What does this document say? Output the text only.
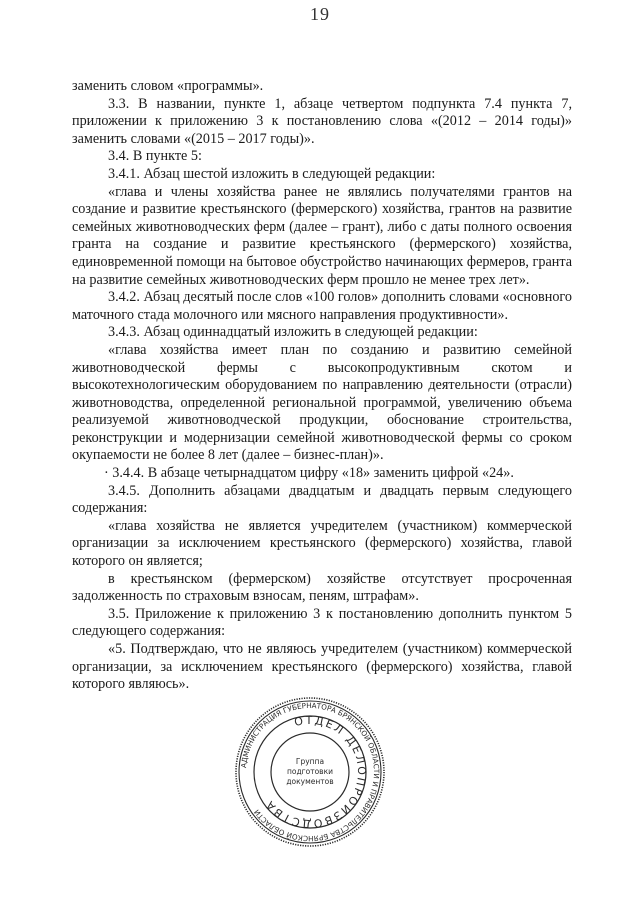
19

заменить словом «программы».

3.3. В названии, пункте 1, абзаце четвертом подпункта 7.4 пункта 7, приложении к приложению 3 к постановлению слова «(2012 – 2014 годы)» заменить словами «(2015 – 2017 годы)».

3.4. В пункте 5:

3.4.1. Абзац шестой изложить в следующей редакции:

«глава и члены хозяйства ранее не являлись получателями грантов на создание и развитие крестьянского (фермерского) хозяйства, грантов на развитие семейных животноводческих ферм (далее – грант), либо с даты полного освоения гранта на создание и развитие крестьянского (фермерского) хозяйства, единовременной помощи на бытовое обустройство начинающих фермеров, гранта на развитие семейных животноводческих ферм прошло не менее трех лет».

3.4.2. Абзац десятый после слов «100 голов» дополнить словами «основного маточного стада молочного или мясного направления продуктивности».

3.4.3. Абзац одиннадцатый изложить в следующей редакции:

«глава хозяйства имеет план по созданию и развитию семейной животноводческой фермы с высокопродуктивным скотом и высокотехнологическим оборудованием по направлению деятельности (отрасли) животноводства, определенной региональной программой, увеличению объема реализуемой животноводческой продукции, обоснование строительства, реконструкции и модернизации семейной животноводческой фермы со сроком окупаемости не более 8 лет (далее – бизнес-план)».

· 3.4.4. В абзаце четырнадцатом цифру «18» заменить цифрой «24».

3.4.5. Дополнить абзацами двадцатым и двадцать первым следующего содержания:

«глава хозяйства не является учредителем (участником) коммерческой организации за исключением крестьянского (фермерского) хозяйства, главой которого он является;

в крестьянском (фермерском) хозяйстве отсутствует просроченная задолженность по страховым взносам, пеням, штрафам».

3.5. Приложение к приложению 3 к постановлению дополнить пунктом 5 следующего содержания:

«5. Подтверждаю, что не являюсь учредителем (участником) коммерческой организации, за исключением крестьянского (фермерского) хозяйства, главой которого являюсь».

АДМИНИСТРАЦИЯ ГУБЕРНАТОРА БРЯНСКОЙ ОБЛАСТИ И ПРАВИТЕЛЬСТВА БРЯНСКОЙ ОБЛАСТИ
ОТДЕЛ ДЕЛОПРОИЗВОДСТВА
Группа
подготовки
документов
